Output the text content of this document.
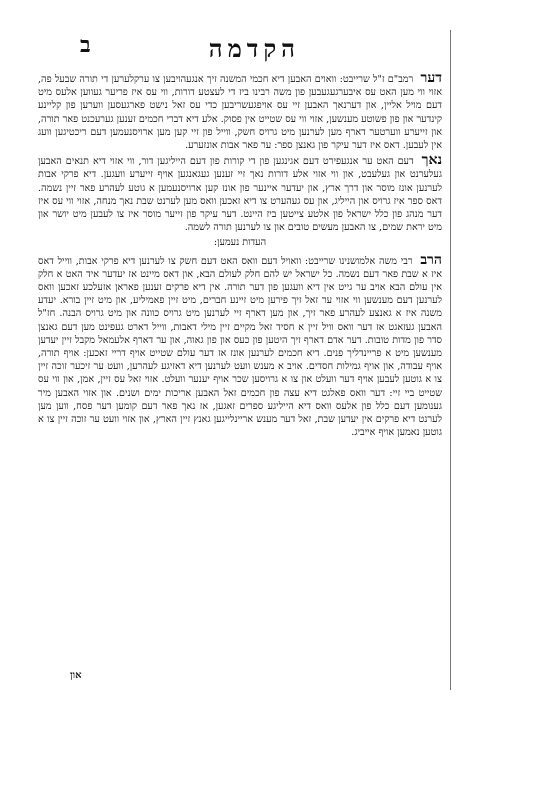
הקדמה
ב

דער רמב"ם ז"ל שרייבט: וואוים האבען דיא חכמי המשנה זיך אנגעהויבען צו ערקלערען די תורה שבעל פה, אזוי ווי מען האט עס איבערגעגעבען פון משה רבינו ביז די לעצטע דורות, ווי עס איז פריער געווען אלעס מיט דעם מויל אליין, און דערנאך האבען זיי עס אויפגעשריבען כדי עס זאל נישט פארגעסען ווערען פון קליינע קינדער און פון פשוטע מענשען, אזוי ווי עס שטייט אין פסוק. אלע דיא דברי חכמים זענען גערעכנט פאר תורה, און זייערע ווערטער דארף מען לערנען מיט גרויס חשק, ווייל פון זיי קען מען ארויסנעמען דעם ריכטיגען וועג אין לעבען. דאס איז דער עיקר פון גאנצן ספר: ער פאר אבות אונזערע.

נאך דעם האט ער אנגעפירט דעם אגינגען פון די קורות פון דעם הייליגען דור, ווי אזוי דיא תנאים האבען געלערנט און געלעבט, און ווי אזוי אלע דורות נאך זיי זענען געגאנגען אויף זייערע וועגען. דיא פרקי אבות לערנען אונז מוסר און דרך ארץ, און יעדער איינער פון אונז קען ארויסנעמען א גוטע לעהרע פאר זיין נשמה. דאס ספר איז גרויס און הייליג, און עס געהערט צו דיא זאכען וואס מען לערנט שבת נאך מנחה, אזוי ווי עס איז דער מנהג פון כלל ישראל פון אלטע צייטען ביז היינט. דער עיקר פון זייער מוסר איז צו לעבען מיט יושר און מיט יראת שמים, צו האבען מעשים טובים און צו לערנען תורה לשמה.

העדות נעמען:

הרב רבי משה אלמושנינו שרייבט: וואויל דעם וואס האט דעם חשק צו לערנען דיא פרקי אבות, ווייל דאס איז א שבת פאר דעם נשמה. כל ישראל יש להם חלק לעולם הבא, און דאס מיינט אז יעדער איד האט א חלק אין עולם הבא אויב ער גייט אין דיא וועגען פון דער תורה. אין דיא פרקים זענען פאראן אזעלכע זאכען וואס לערנען דעם מענשען ווי אזוי ער זאל זיך פירען מיט זיינע חברים, מיט זיין פאמיליע, און מיט זיין בורא. יעדע משנה איז א גאנצע לעהרע פאר זיך, און מען דארף זיי לערנען מיט גרויס כוונה און מיט גרויס הבנה. חז"ל האבען געזאגט אז דער וואס וויל זיין א חסיד זאל מקיים זיין מילי דאבות, ווייל דארט געפינט מען דעם גאנצן סדר פון מדות טובות. דער אדם דארף זיך היטען פון כעס און פון גאוה, און ער דארף אלעמאל מקבל זיין יעדען מענשען מיט א פריינדליך פנים. דיא חכמים לערנען אונז אז דער עולם שטייט אויף דריי זאכען: אויף תורה, אויף עבודה, און אויף גמילות חסדים. אויב א מענש וועט לערנען דיא דאזיגע לעהרען, וועט ער זיכער זוכה זיין צו א גוטען לעבען אויף דער וועלט און צו א גרויסען שכר אויף יענער וועלט. אזוי זאל עס זיין, אמן, און ווי עס שטייט ביי זיי: דער וואס פאלגט דיא עצה פון חכמים זאל האבען אריכות ימים ושנים. און אזוי האבען מיר גענומען דעם כלל פון אלעס וואס דיא הייליגע ספרים זאגען, אז נאך פאר דעם קומען דער פסח, ווען מען לערנט דיא פרקים אין יעדען שבת, זאל דער מענש אריינלייגען גאנץ זיין הארץ, און אזוי וועט ער זוכה זיין צו א גוטען נאמען אויף אייביג.

און
